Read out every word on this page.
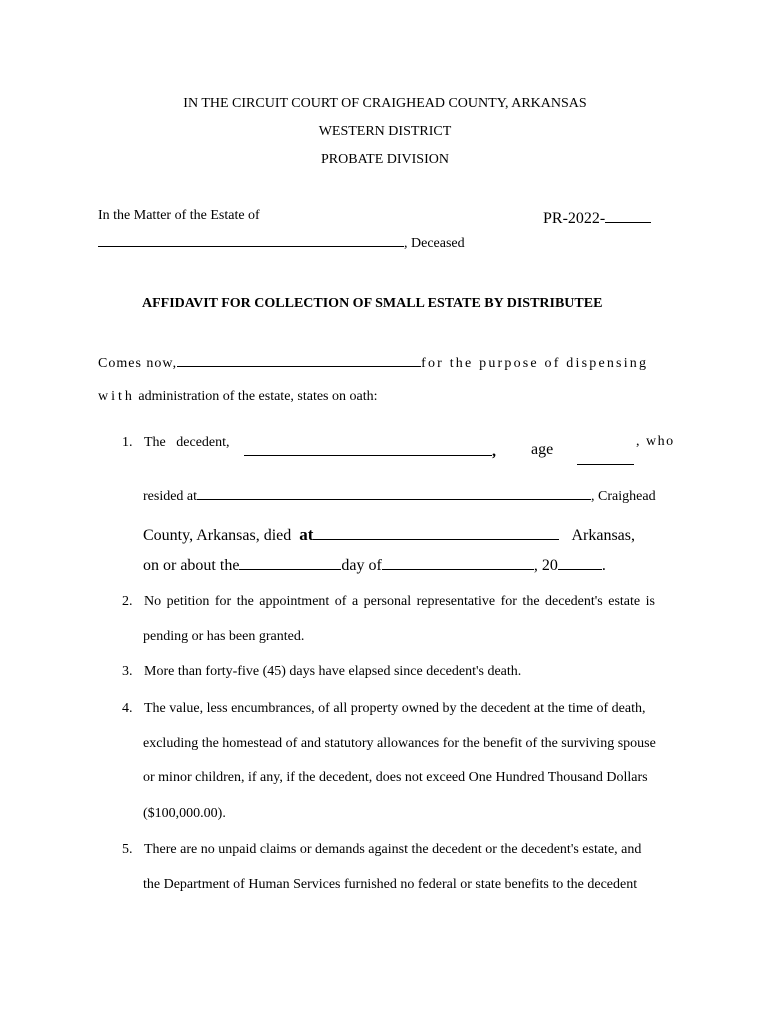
IN THE CIRCUIT COURT OF CRAIGHEAD COUNTY, ARKANSAS
WESTERN DISTRICT
PROBATE DIVISION
In the Matter of the Estate of	PR-2022-
, Deceased
AFFIDAVIT FOR COLLECTION OF SMALL ESTATE BY DISTRIBUTEE
Comes now,	for the purpose of dispensing
with administration of the estate, states on oath:
1. The decedent,
, age	, who
resided at	, Craighead
County, Arkansas, died at	Arkansas,
on or about the	day of	, 20	.
2. No petition for the appointment of a personal representative for the decedent's estate is
pending or has been granted.
3. More than forty-five (45) days have elapsed since decedent's death.
4. The value, less encumbrances, of all property owned by the decedent at the time of death,
excluding the homestead of and statutory allowances for the benefit of the surviving spouse
or minor children, if any, if the decedent, does not exceed One Hundred Thousand Dollars
($100,000.00).
5. There are no unpaid claims or demands against the decedent or the decedent's estate, and
the Department of Human Services furnished no federal or state benefits to the decedent
